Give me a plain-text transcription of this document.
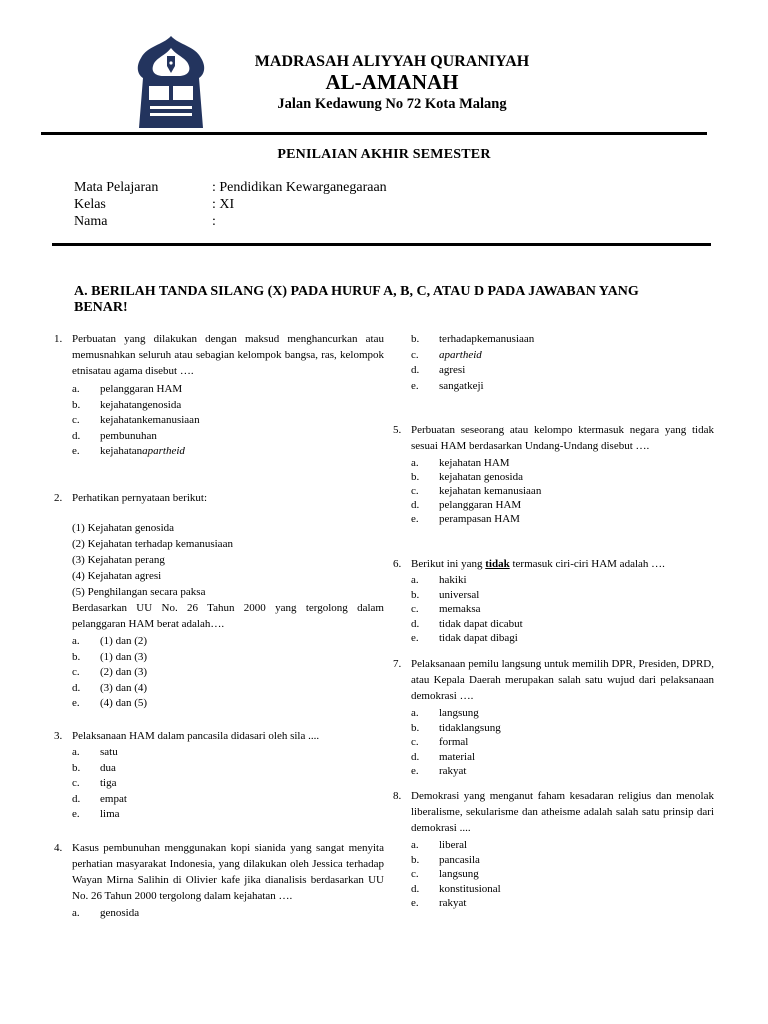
MADRASAH ALIYYAH QURANIYAH
AL-AMANAH
Jalan Kedawung No 72 Kota Malang
PENILAIAN AKHIR SEMESTER
Mata Pelajaran	: Pendidikan Kewarganegaraan
Kelas	: XI
Nama	:
A. BERILAH TANDA SILANG (X) PADA HURUF A, B, C, ATAU D PADA JAWABAN YANG BENAR!
1. Perbuatan yang dilakukan dengan maksud menghancurkan atau memusnahkan seluruh atau sebagian kelompok bangsa, ras, kelompok etnisatau agama disebut ….
a. pelanggaran HAM
b. kejahatangenosida
c. kejahatankemanusiaan
d. pembunuhan
e. kejahatanapartheid
2. Perhatikan pernyataan berikut:
(1) Kejahatan genosida
(2) Kejahatan terhadap kemanusiaan
(3) Kejahatan perang
(4) Kejahatan agresi
(5) Penghilangan secara paksa
Berdasarkan UU No. 26 Tahun 2000 yang tergolong dalam pelanggaran HAM berat adalah….
a. (1) dan (2)
b. (1) dan (3)
c. (2) dan (3)
d. (3) dan (4)
e. (4) dan (5)
3. Pelaksanaan HAM dalam pancasila didasari oleh sila ....
a. satu
b. dua
c. tiga
d. empat
e. lima
4. Kasus pembunuhan menggunakan kopi sianida yang sangat menyita perhatian masyarakat Indonesia, yang dilakukan oleh Jessica terhadap Wayan Mirna Salihin di Olivier kafe jika dianalisis berdasarkan UU No. 26 Tahun 2000 tergolong dalam kejahatan ….
a. genosida
b. terhadapkemanusiaan
c. apartheid
d. agresi
e. sangatkeji
5. Perbuatan seseorang atau kelompo ktermasuk negara yang tidak sesuai HAM berdasarkan Undang-Undang disebut ….
a. kejahatan HAM
b. kejahatan genosida
c. kejahatan kemanusiaan
d. pelanggaran HAM
e. perampasan HAM
6. Berikut ini yang tidak termasuk ciri-ciri HAM adalah ….
a. hakiki
b. universal
c. memaksa
d. tidak dapat dicabut
e. tidak dapat dibagi
7. Pelaksanaan pemilu langsung untuk memilih DPR, Presiden, DPRD, atau Kepala Daerah merupakan salah satu wujud dari pelaksanaan demokrasi ….
a. langsung
b. tidaklangsung
c. formal
d. material
e. rakyat
8. Demokrasi yang menganut faham kesadaran religius dan menolak liberalisme, sekularisme dan atheisme adalah salah satu prinsip dari demokrasi ....
a. liberal
b. pancasila
c. langsung
d. konstitusional
e. rakyat
